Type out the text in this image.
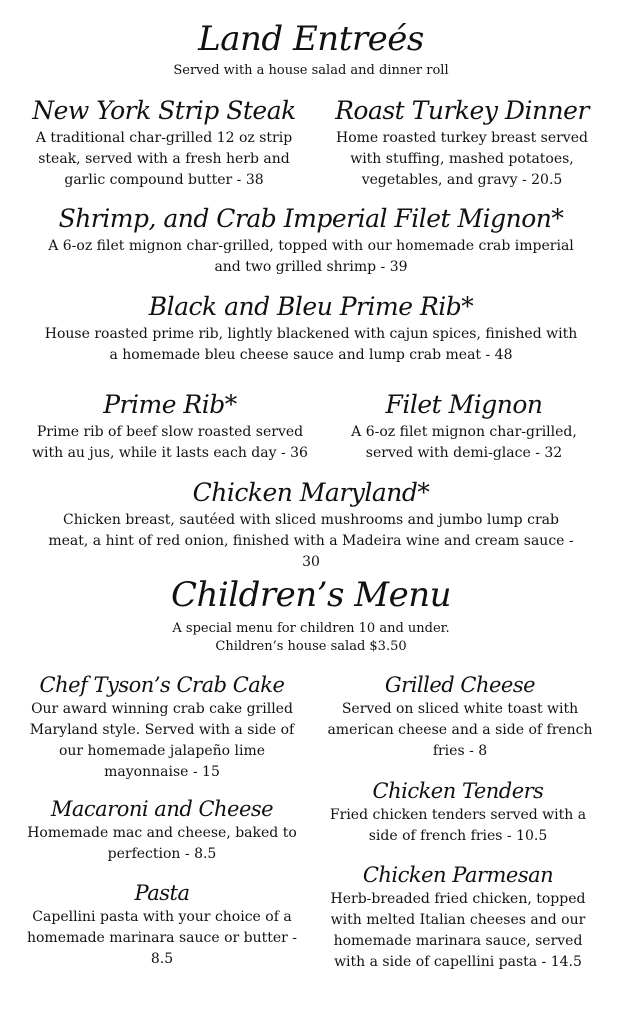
Land Entreés
Served with a house salad and dinner roll
New York Strip Steak
A traditional char-grilled 12 oz strip steak, served with a fresh herb and garlic compound butter - 38
Roast Turkey Dinner
Home roasted turkey breast served with stuffing, mashed potatoes, vegetables, and gravy - 20.5
Shrimp, and Crab Imperial Filet Mignon*
A 6-oz filet mignon char-grilled, topped with our homemade crab imperial and two grilled shrimp - 39
Black and Bleu Prime Rib*
House roasted prime rib, lightly blackened with cajun spices, finished with a homemade bleu cheese sauce and lump crab meat - 48
Prime Rib*
Prime rib of beef slow roasted served with au jus, while it lasts each day - 36
Filet Mignon
A 6-oz filet mignon char-grilled, served with demi-glace - 32
Chicken Maryland*
Chicken breast, sautéed with sliced mushrooms and jumbo lump crab meat, a hint of red onion, finished with a Madeira wine and cream sauce - 30
Children’s Menu
A special menu for children 10 and under.
Children’s house salad $3.50
Chef Tyson’s Crab Cake
Our award winning crab cake grilled Maryland style. Served with a side of our homemade jalapeño lime mayonnaise - 15
Grilled Cheese
Served on sliced white toast with american cheese and a side of french fries - 8
Macaroni and Cheese
Homemade mac and cheese, baked to perfection - 8.5
Chicken Tenders
Fried chicken tenders served with a side of french fries - 10.5
Pasta
Capellini pasta with your choice of a homemade marinara sauce or butter - 8.5
Chicken Parmesan
Herb-breaded fried chicken, topped with melted Italian cheeses and our homemade marinara sauce, served with a side of capellini pasta - 14.5
